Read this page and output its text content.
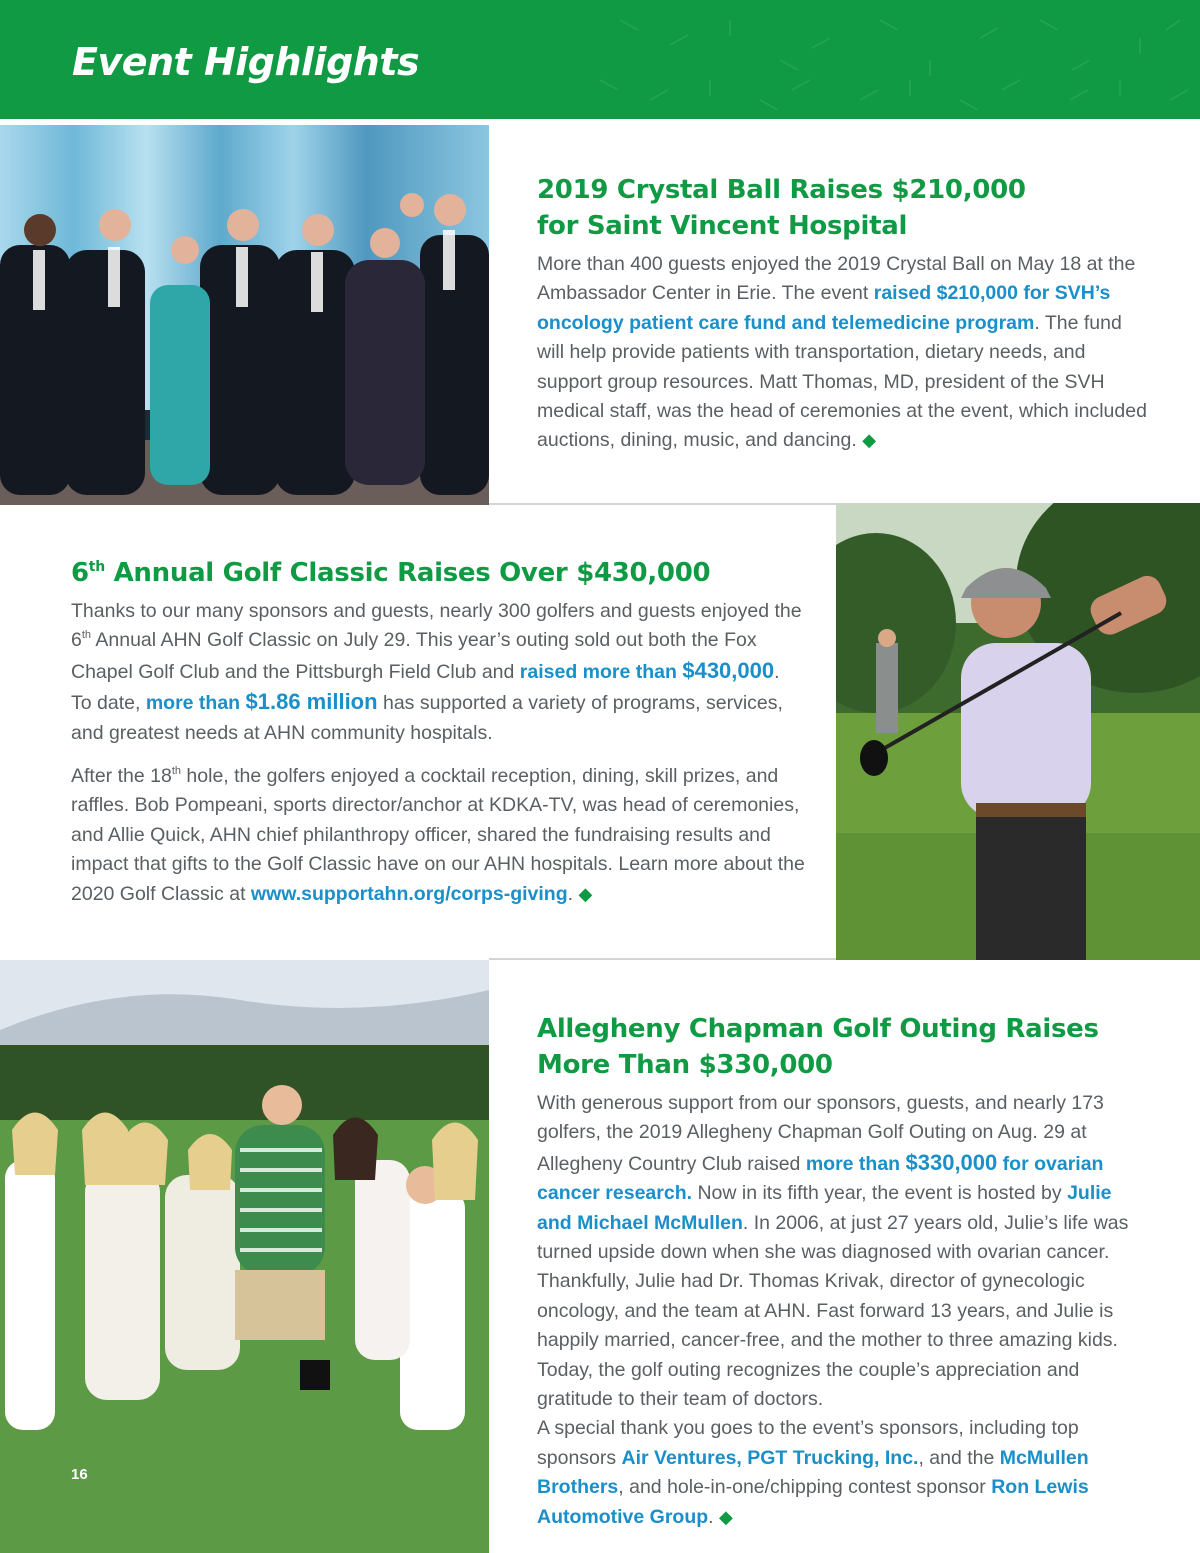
Event Highlights
2019 Crystal Ball Raises $210,000
for Saint Vincent Hospital

More than 400 guests enjoyed the 2019 Crystal Ball on May 18 at the Ambassador Center in Erie. The event raised $210,000 for SVH’s oncology patient care fund and telemedicine program. The fund will help provide patients with transportation, dietary needs, and support group resources. Matt Thomas, MD, president of the SVH medical staff, was the head of ceremonies at the event, which included auctions, dining, music, and dancing. ◆

6th Annual Golf Classic Raises Over $430,000

Thanks to our many sponsors and guests, nearly 300 golfers and guests enjoyed the 6th Annual AHN Golf Classic on July 29. This year’s outing sold out both the Fox Chapel Golf Club and the Pittsburgh Field Club and raised more than $430,000.
To date, more than $1.86 million has supported a variety of programs, services, and greatest needs at AHN community hospitals.

After the 18th hole, the golfers enjoyed a cocktail reception, dining, skill prizes, and raffles. Bob Pompeani, sports director/anchor at KDKA-TV, was head of ceremonies, and Allie Quick, AHN chief philanthropy officer, shared the fundraising results and impact that gifts to the Golf Classic have on our AHN hospitals. Learn more about the 2020 Golf Classic at www.supportahn.org/corps-giving. ◆

Allegheny Chapman Golf Outing Raises
More Than $330,000

With generous support from our sponsors, guests, and nearly 173 golfers, the 2019 Allegheny Chapman Golf Outing on Aug. 29 at Allegheny Country Club raised more than $330,000 for ovarian cancer research. Now in its fifth year, the event is hosted by Julie and Michael McMullen. In 2006, at just 27 years old, Julie’s life was turned upside down when she was diagnosed with ovarian cancer. Thankfully, Julie had Dr. Thomas Krivak, director of gynecologic oncology, and the team at AHN. Fast forward 13 years, and Julie is happily married, cancer-free, and the mother to three amazing kids. Today, the golf outing recognizes the couple’s appreciation and gratitude to their team of doctors.
A special thank you goes to the event’s sponsors, including top sponsors Air Ventures, PGT Trucking, Inc., and the McMullen Brothers, and hole-in-one/chipping contest sponsor Ron Lewis Automotive Group. ◆

16
